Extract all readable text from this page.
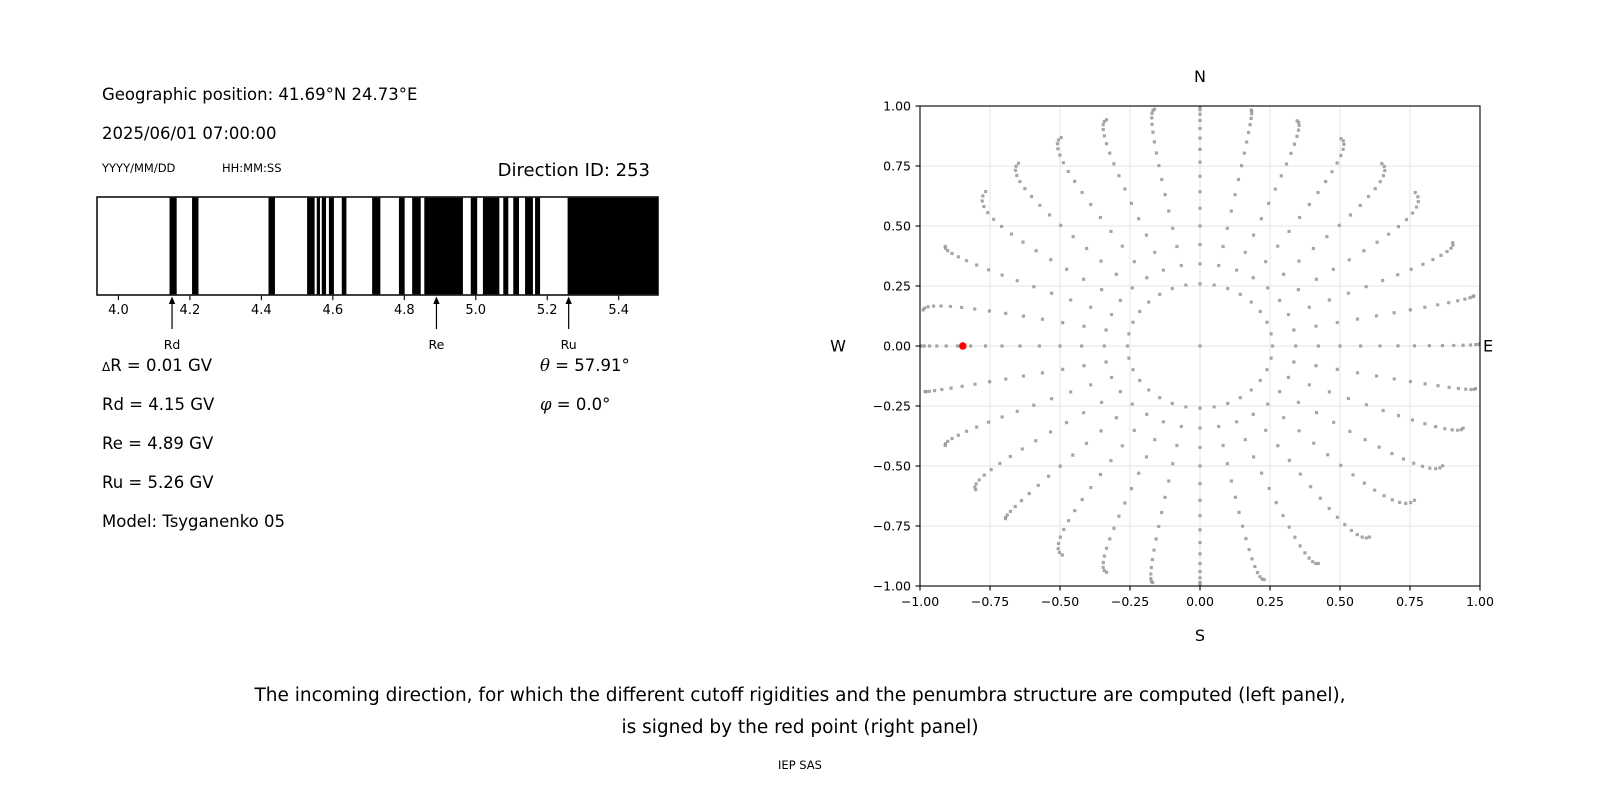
Geographic position: 41.69°N 24.73°E
2025/06/01 07:00:00
YYYY/MM/DD	HH:MM:SS	Direction ID: 253
4.0	4.2	4.4	4.6	4.8	5.0	5.2	5.4
Rd	Re	Ru
ΔR = 0.01 GV
Rd = 4.15 GV
Re = 4.89 GV
Ru = 5.26 GV
Model: Tsyganenko 05
θ = 57.91°
φ = 0.0°
−1.00	−0.75	−0.50	−0.25	0.00	0.25	0.50	0.75	1.00
1.00
0.75
0.50
0.25
0.00
−0.25
−0.50
−0.75
−1.00
N
S
W	E
The incoming direction, for which the different cutoff rigidities and the penumbra structure are computed (left panel),
is signed by the red point (right panel)
IEP SAS
